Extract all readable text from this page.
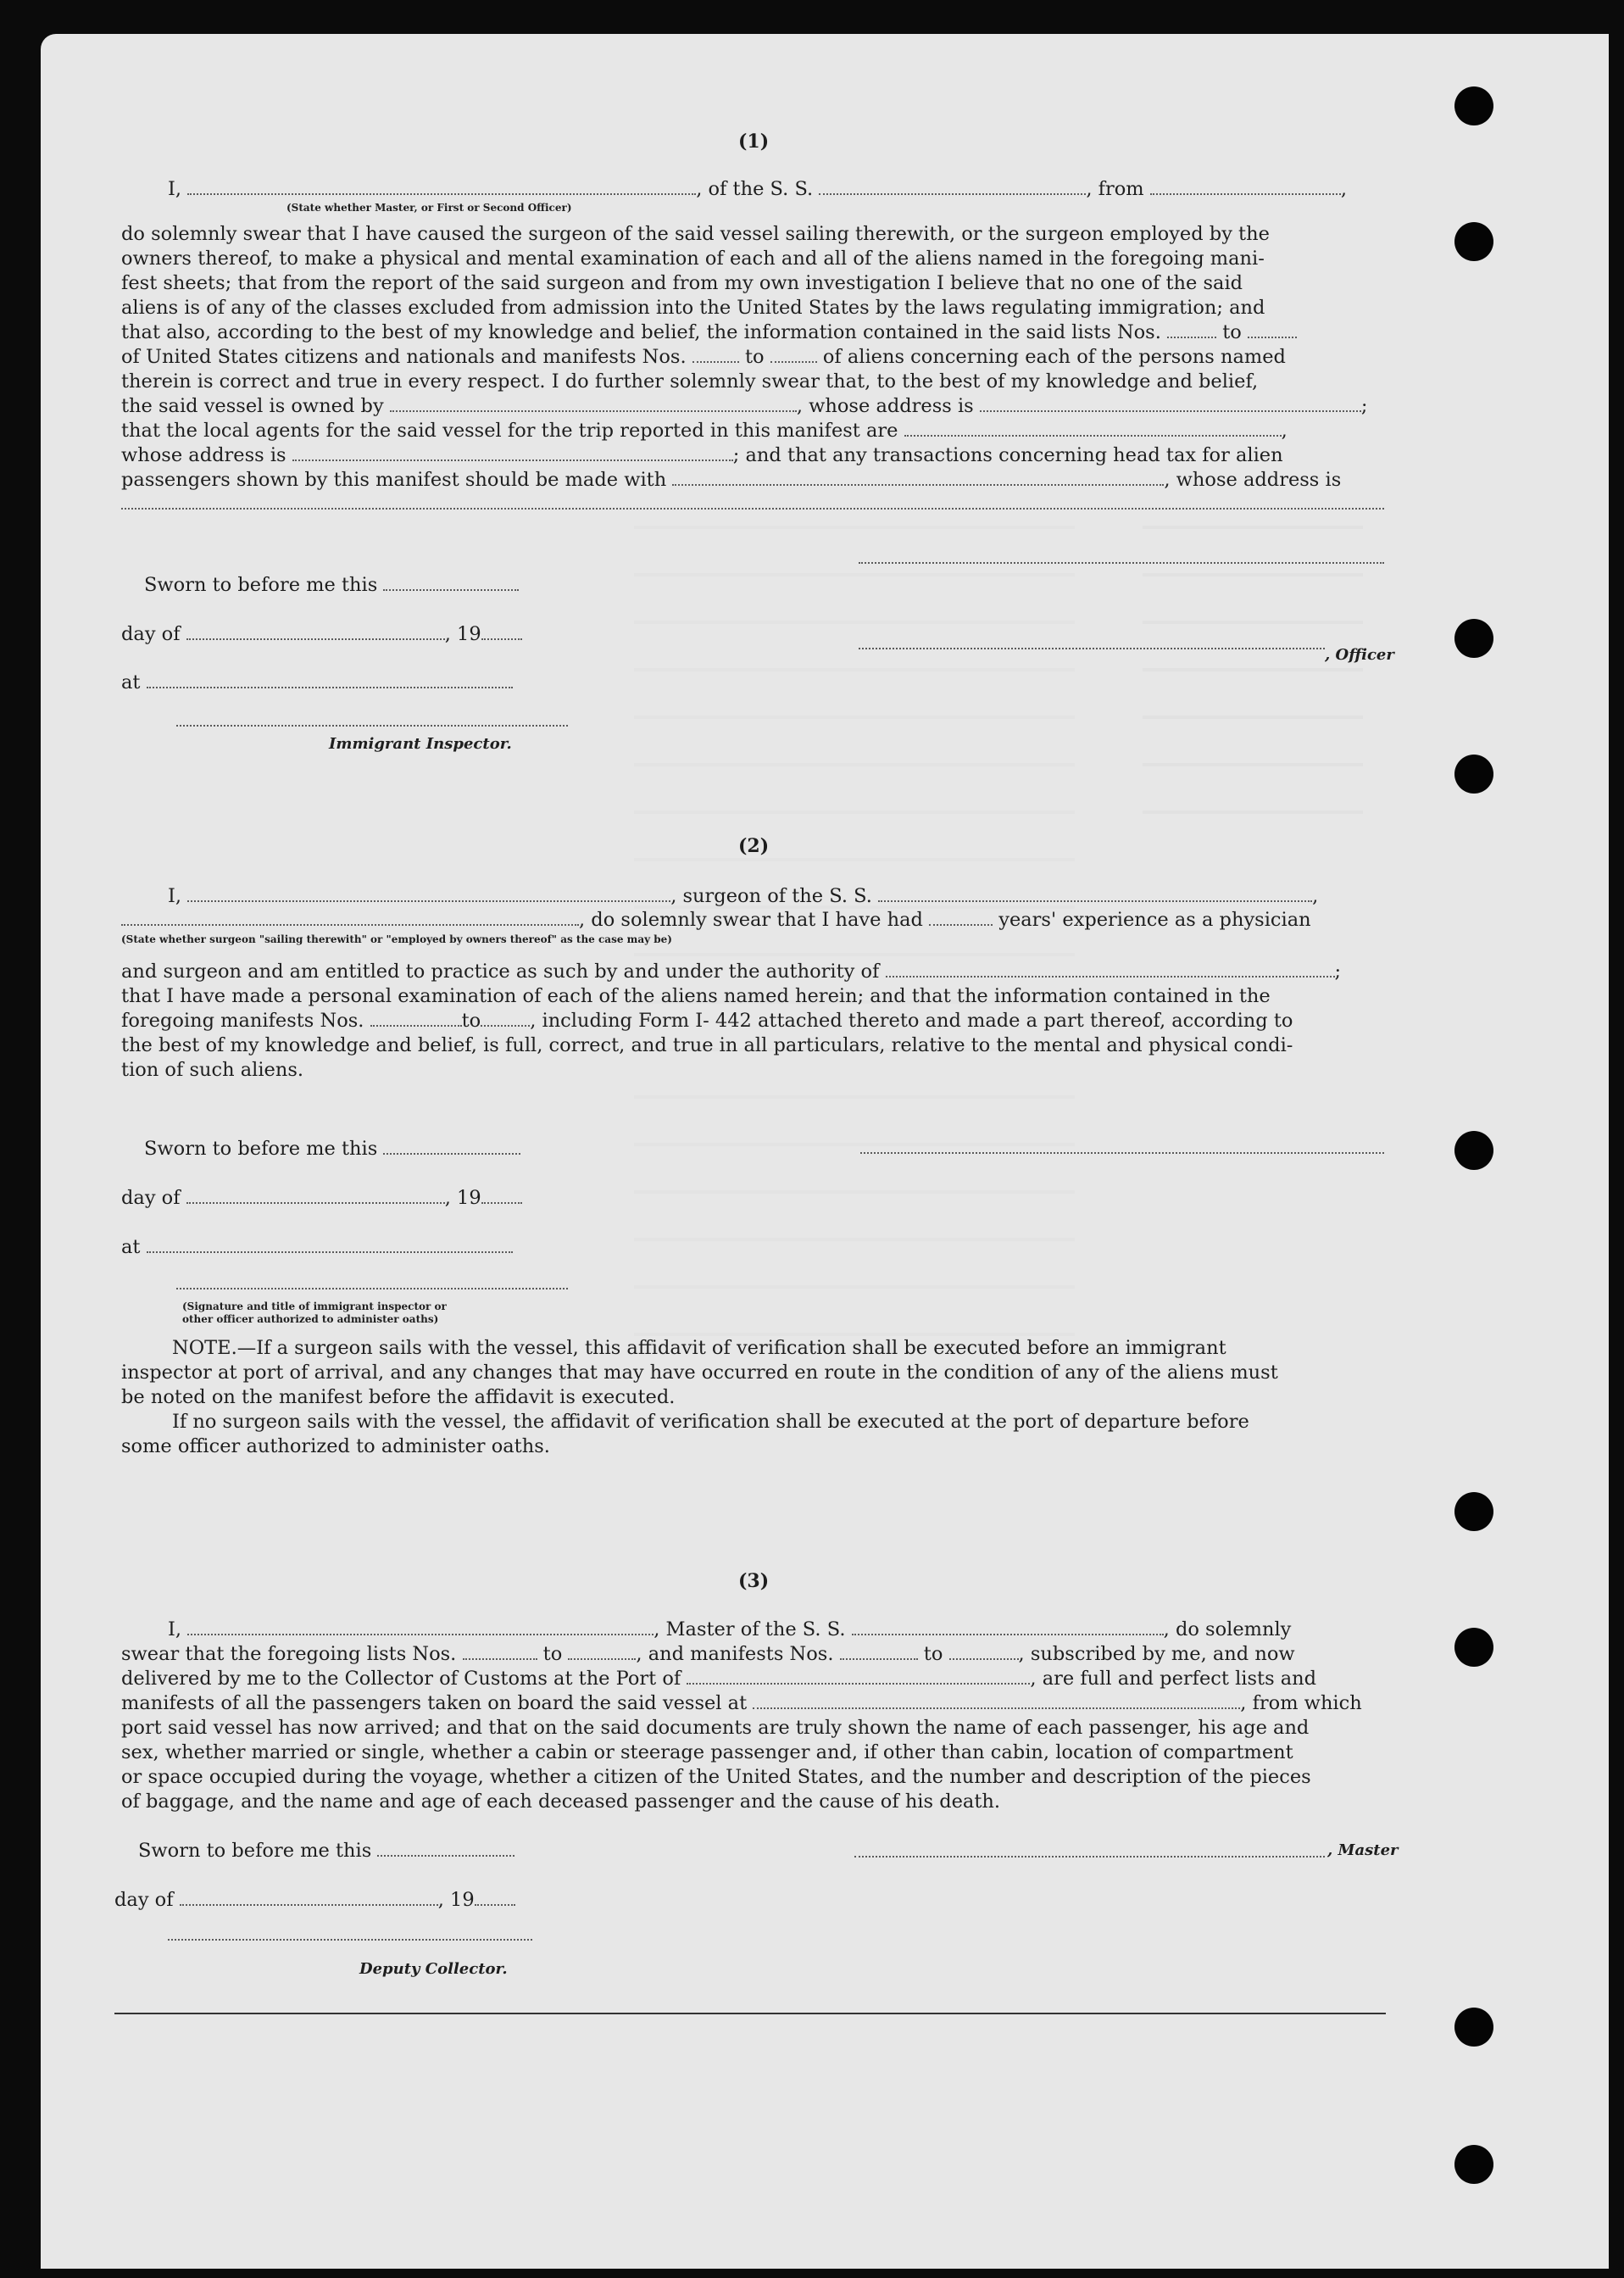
(1)
I,	, of the S. S.	, from	,
(State whether Master, or First or Second Officer)
do solemnly swear that I have caused the surgeon of the said vessel sailing therewith, or the surgeon employed by the
owners thereof, to make a physical and mental examination of each and all of the aliens named in the foregoing mani-
fest sheets; that from the report of the said surgeon and from my own investigation I believe that no one of the said
aliens is of any of the classes excluded from admission into the United States by the laws regulating immigration; and
that also, according to the best of my knowledge and belief, the information contained in the said lists Nos.	to
of United States citizens and nationals and manifests Nos.	to	of aliens concerning each of the persons named
therein is correct and true in every respect. I do further solemnly swear that, to the best of my knowledge and belief,
the said vessel is owned by	, whose address is	;
that the local agents for the said vessel for the trip reported in this manifest are	,
whose address is	; and that any transactions concerning head tax for alien
passengers shown by this manifest should be made with	, whose address is
Sworn to before me this
day of	, 19
, Officer
at
Immigrant Inspector.
(2)
I,	, surgeon of the S. S.	,
, do solemnly swear that I have had	years' experience as a physician
(State whether surgeon "sailing therewith" or "employed by owners thereof" as the case may be)
and surgeon and am entitled to practice as such by and under the authority of	;
that I have made a personal examination of each of the aliens named herein; and that the information contained in the
foregoing manifests Nos.	to	, including Form I- 442 attached thereto and made a part thereof, according to
the best of my knowledge and belief, is full, correct, and true in all particulars, relative to the mental and physical condi-
tion of such aliens.
Sworn to before me this
day of	, 19
at
(Signature and title of immigrant inspector or
other officer authorized to administer oaths)
NOTE.—If a surgeon sails with the vessel, this affidavit of verification shall be executed before an immigrant
inspector at port of arrival, and any changes that may have occurred en route in the condition of any of the aliens must
be noted on the manifest before the affidavit is executed.
If no surgeon sails with the vessel, the affidavit of verification shall be executed at the port of departure before
some officer authorized to administer oaths.
(3)
I,	, Master of the S. S.	, do solemnly
swear that the foregoing lists Nos.	to	, and manifests Nos.	to	, subscribed by me, and now
delivered by me to the Collector of Customs at the Port of	, are full and perfect lists and
manifests of all the passengers taken on board the said vessel at	, from which
port said vessel has now arrived; and that on the said documents are truly shown the name of each passenger, his age and
sex, whether married or single, whether a cabin or steerage passenger and, if other than cabin, location of compartment
or space occupied during the voyage, whether a citizen of the United States, and the number and description of the pieces
of baggage, and the name and age of each deceased passenger and the cause of his death.
Sworn to before me this	, Master
day of	, 19
Deputy Collector.
